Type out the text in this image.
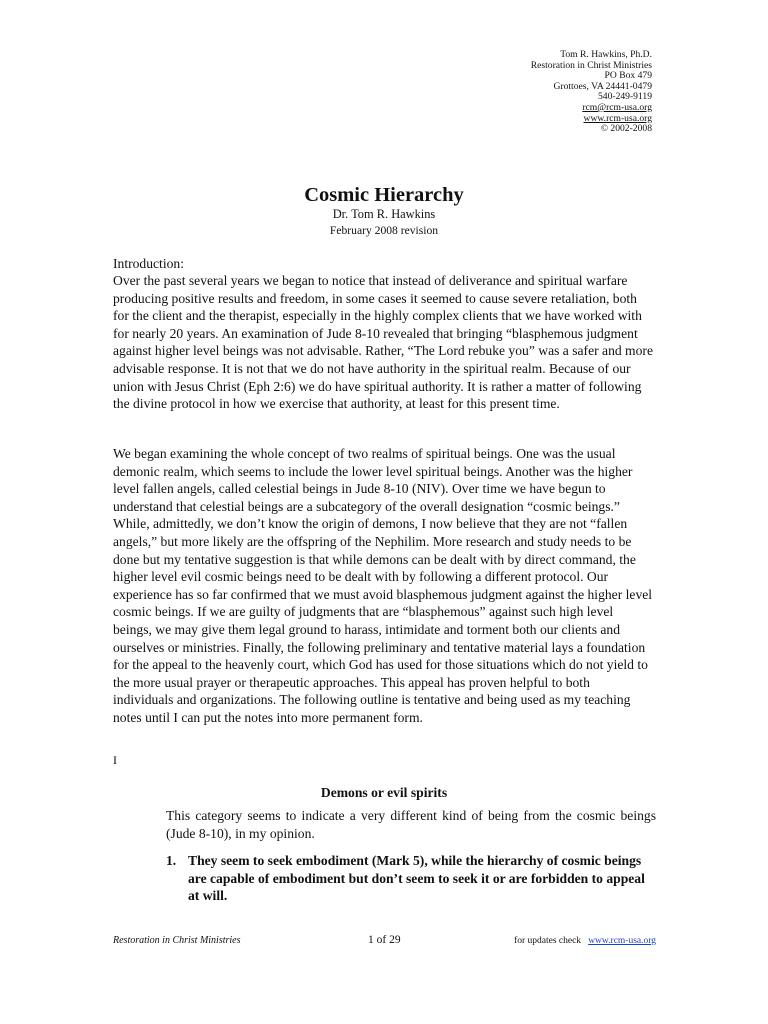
Tom R. Hawkins, Ph.D.
Restoration in Christ Ministries
PO Box 479
Grottoes, VA 24441-0479
540-249-9119
rcm@rcm-usa.org
www.rcm-usa.org
© 2002-2008
Cosmic Hierarchy
Dr. Tom R. Hawkins
February 2008 revision
Introduction:
Over the past several years we began to notice that instead of deliverance and spiritual warfare producing positive results and freedom, in some cases it seemed to cause severe retaliation, both for the client and the therapist, especially in the highly complex clients that we have worked with for nearly 20 years. An examination of Jude 8-10 revealed that bringing “blasphemous judgment against higher level beings was not advisable. Rather, “The Lord rebuke you” was a safer and more advisable response. It is not that we do not have authority in the spiritual realm. Because of our union with Jesus Christ (Eph 2:6) we do have spiritual authority. It is rather a matter of following the divine protocol in how we exercise that authority, at least for this present time.
We began examining the whole concept of two realms of spiritual beings. One was the usual demonic realm, which seems to include the lower level spiritual beings. Another was the higher level fallen angels, called celestial beings in Jude 8-10 (NIV). Over time we have begun to understand that celestial beings are a subcategory of the overall designation “cosmic beings.” While, admittedly, we don’t know the origin of demons, I now believe that they are not “fallen angels,” but more likely are the offspring of the Nephilim. More research and study needs to be done but my tentative suggestion is that while demons can be dealt with by direct command, the higher level evil cosmic beings need to be dealt with by following a different protocol. Our experience has so far confirmed that we must avoid blasphemous judgment against the higher level cosmic beings. If we are guilty of judgments that are “blasphemous” against such high level beings, we may give them legal ground to harass, intimidate and torment both our clients and ourselves or ministries. Finally, the following preliminary and tentative material lays a foundation for the appeal to the heavenly court, which God has used for those situations which do not yield to the more usual prayer or therapeutic approaches. This appeal has proven helpful to both individuals and organizations. The following outline is tentative and being used as my teaching notes until I can put the notes into more permanent form.
I
Demons or evil spirits
This category seems to indicate a very different kind of being from the cosmic beings (Jude 8-10), in my opinion.
1. They seem to seek embodiment (Mark 5), while the hierarchy of cosmic beings are capable of embodiment but don’t seem to seek it or are forbidden to appeal at will.
Restoration in Christ Ministries	1 of 29	for updates check www.rcm-usa.org
